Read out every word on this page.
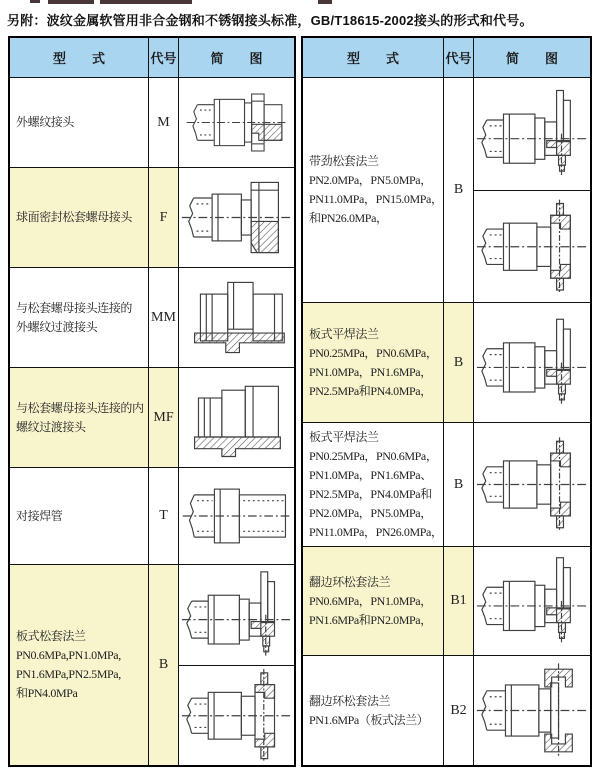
另附：波纹金属软管用非合金钢和不锈钢接头标准，GB/T18615-2002接头的形式和代号。
型　　式	代号	简　　图
外螺纹接头	M
球面密封松套螺母接头	F
与松套螺母接头连接的
外螺纹过渡接头
MM
与松套螺母接头连接的内
螺纹过渡接头
MF
对接焊管	T
板式松套法兰
PN0.6MPa,PN1.0MPa,
PN1.6MPa,PN2.5MPa,
和PN4.0MPa
B
型　　式	代号	简　　图
带劲松套法兰
PN2.0MPa，PN5.0MPa，
PN11.0MPa，PN15.0MPa，
和PN26.0MPa，
B
板式平焊法兰
PN0.25MPa，PN0.6MPa，
PN1.0MPa，PN1.6MPa，
PN2.5MPa和PN4.0MPa，
B
板式平焊法兰
PN0.25MPa，PN0.6MPa，
PN1.0MPa，PN1.6MPa、
PN2.5MPa，PN4.0MPa和
PN2.0MPa，PN5.0MPa，
PN11.0MPa，PN26.0MPa，
B
翻边环松套法兰
PN0.6MPa，PN1.0MPa，
PN1.6MPa和PN2.0MPa，
B1
翻边环松套法兰
PN1.6MPa（板式法兰）
B2
